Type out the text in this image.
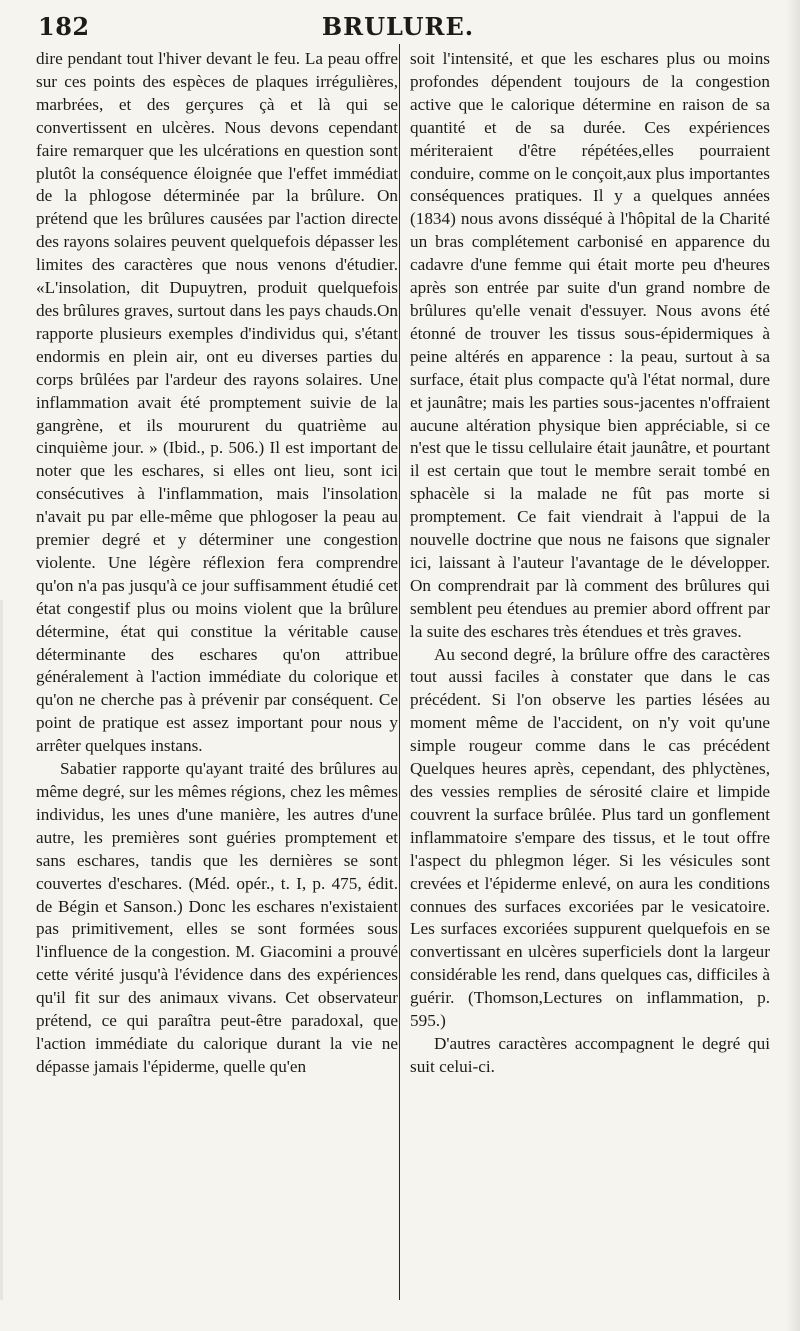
182	BRULURE.

dire pendant tout l'hiver devant le feu. La peau offre sur ces points des espèces de plaques irrégulières, marbrées, et des gerçures çà et là qui se convertissent en ulcères. Nous devons cependant faire remarquer que les ulcérations en question sont plutôt la conséquence éloignée que l'effet immédiat de la phlogose déterminée par la brûlure. On prétend que les brûlures causées par l'action directe des rayons solaires peuvent quelquefois dépasser les limites des caractères que nous venons d'étudier. «L'insolation, dit Dupuytren, produit quelquefois des brûlures graves, surtout dans les pays chauds.On rapporte plusieurs exemples d'individus qui, s'étant endormis en plein air, ont eu diverses parties du corps brûlées par l'ardeur des rayons solaires. Une inflammation avait été promptement suivie de la gangrène, et ils moururent du quatrième au cinquième jour. » (Ibid., p. 506.) Il est important de noter que les eschares, si elles ont lieu, sont ici consécutives à l'inflammation, mais l'insolation n'avait pu par elle-même que phlogoser la peau au premier degré et y déterminer une congestion violente. Une légère réflexion fera comprendre qu'on n'a pas jusqu'à ce jour suffisamment étudié cet état congestif plus ou moins violent que la brûlure détermine, état qui constitue la véritable cause déterminante des eschares qu'on attribue généralement à l'action immédiate du colorique et qu'on ne cherche pas à prévenir par conséquent. Ce point de pratique est assez important pour nous y arrêter quelques instans.

Sabatier rapporte qu'ayant traité des brûlures au même degré, sur les mêmes régions, chez les mêmes individus, les unes d'une manière, les autres d'une autre, les premières sont guéries promptement et sans eschares, tandis que les dernières se sont couvertes d'eschares. (Méd. opér., t. I, p. 475, édit. de Bégin et Sanson.) Donc les eschares n'existaient pas primitivement, elles se sont formées sous l'influence de la congestion. M. Giacomini a prouvé cette vérité jusqu'à l'évidence dans des expériences qu'il fit sur des animaux vivans. Cet observateur prétend, ce qui paraîtra peut-être paradoxal, que l'action immédiate du calorique durant la vie ne dépasse jamais l'épiderme, quelle qu'en

soit l'intensité, et que les eschares plus ou moins profondes dépendent toujours de la congestion active que le calorique détermine en raison de sa quantité et de sa durée. Ces expériences mériteraient d'être répétées,elles pourraient conduire, comme on le conçoit,aux plus importantes conséquences pratiques. Il y a quelques années (1834) nous avons disséqué à l'hôpital de la Charité un bras complétement carbonisé en apparence du cadavre d'une femme qui était morte peu d'heures après son entrée par suite d'un grand nombre de brûlures qu'elle venait d'essuyer. Nous avons été étonné de trouver les tissus sous-épidermiques à peine altérés en apparence : la peau, surtout à sa surface, était plus compacte qu'à l'état normal, dure et jaunâtre; mais les parties sous-jacentes n'offraient aucune altération physique bien appréciable, si ce n'est que le tissu cellulaire était jaunâtre, et pourtant il est certain que tout le membre serait tombé en sphacèle si la malade ne fût pas morte si promptement. Ce fait viendrait à l'appui de la nouvelle doctrine que nous ne faisons que signaler ici, laissant à l'auteur l'avantage de le développer. On comprendrait par là comment des brûlures qui semblent peu étendues au premier abord offrent par la suite des eschares très étendues et très graves.

Au second degré, la brûlure offre des caractères tout aussi faciles à constater que dans le cas précédent. Si l'on observe les parties lésées au moment même de l'accident, on n'y voit qu'une simple rougeur comme dans le cas précédent Quelques heures après, cependant, des phlyctènes, des vessies remplies de sérosité claire et limpide couvrent la surface brûlée. Plus tard un gonflement inflammatoire s'empare des tissus, et le tout offre l'aspect du phlegmon léger. Si les vésicules sont crevées et l'épiderme enlevé, on aura les conditions connues des surfaces excoriées par le vesicatoire. Les surfaces excoriées suppurent quelquefois en se convertissant en ulcères superficiels dont la largeur considérable les rend, dans quelques cas, difficiles à guérir. (Thomson,Lectures on inflammation, p. 595.)

D'autres caractères accompagnent le degré qui suit celui-ci.
